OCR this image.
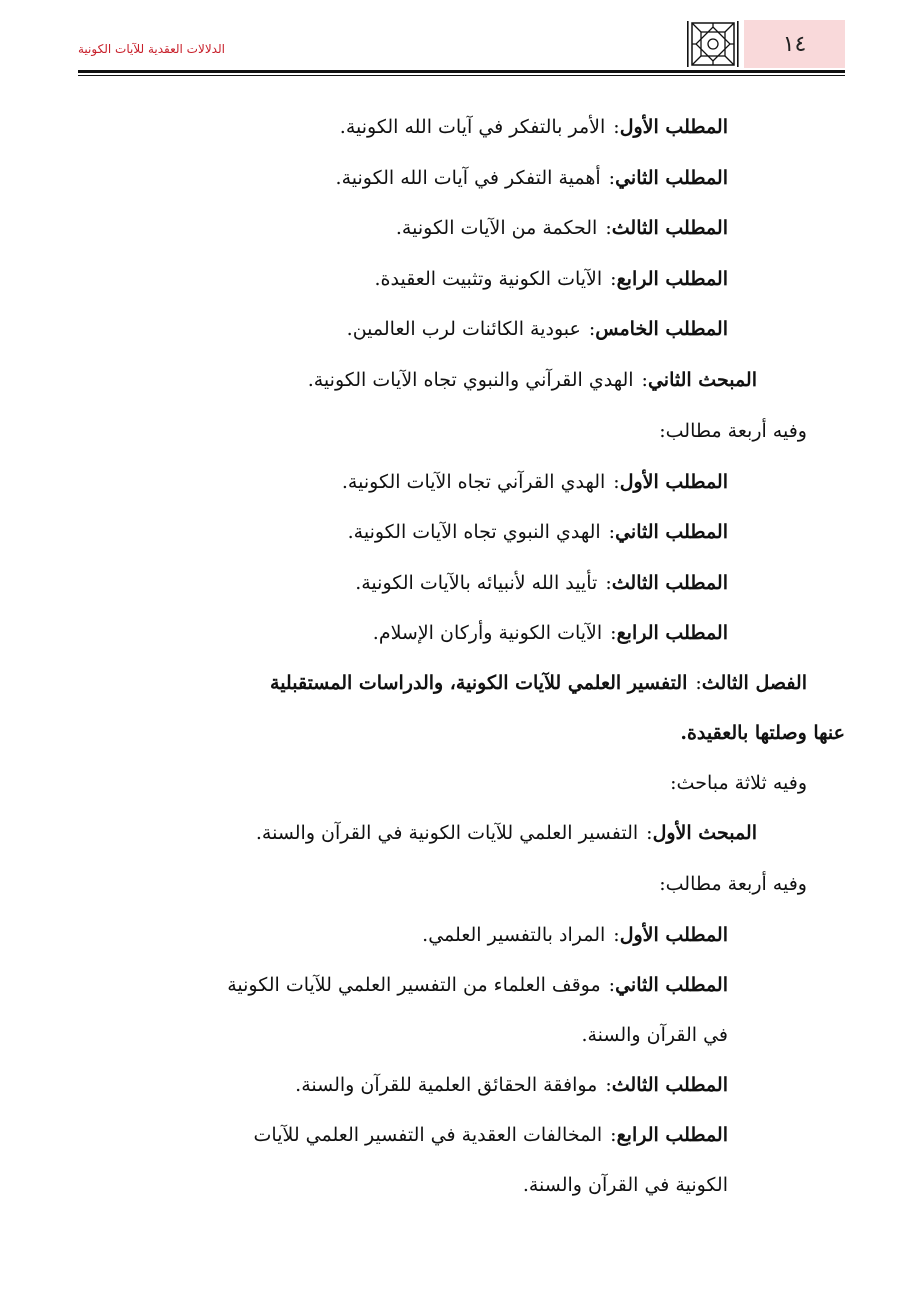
١٤
الدلالات العقدية للآيات الكونية
المطلب الأول:الأمر بالتفكر في آيات الله الكونية.
المطلب الثاني:أهمية التفكر في آيات الله الكونية.
المطلب الثالث:الحكمة من الآيات الكونية.
المطلب الرابع:الآيات الكونية وتثبيت العقيدة.
المطلب الخامس:عبودية الكائنات لرب العالمين.
المبحث الثاني:الهدي القرآني والنبوي تجاه الآيات الكونية.
وفيه أربعة مطالب:
المطلب الأول:الهدي القرآني تجاه الآيات الكونية.
المطلب الثاني:الهدي النبوي تجاه الآيات الكونية.
المطلب الثالث:تأييد الله لأنبيائه بالآيات الكونية.
المطلب الرابع:الآيات الكونية وأركان الإسلام.
الفصل الثالث:التفسير العلمي للآيات الكونية، والدراسات المستقبلية
عنها وصلتها بالعقيدة.
وفيه ثلاثة مباحث:
المبحث الأول:التفسير العلمي للآيات الكونية في القرآن والسنة.
وفيه أربعة مطالب:
المطلب الأول:المراد بالتفسير العلمي.
المطلب الثاني:موقف العلماء من التفسير العلمي للآيات الكونية
في القرآن والسنة.
المطلب الثالث:موافقة الحقائق العلمية للقرآن والسنة.
المطلب الرابع:المخالفات العقدية في التفسير العلمي للآيات
الكونية في القرآن والسنة.
